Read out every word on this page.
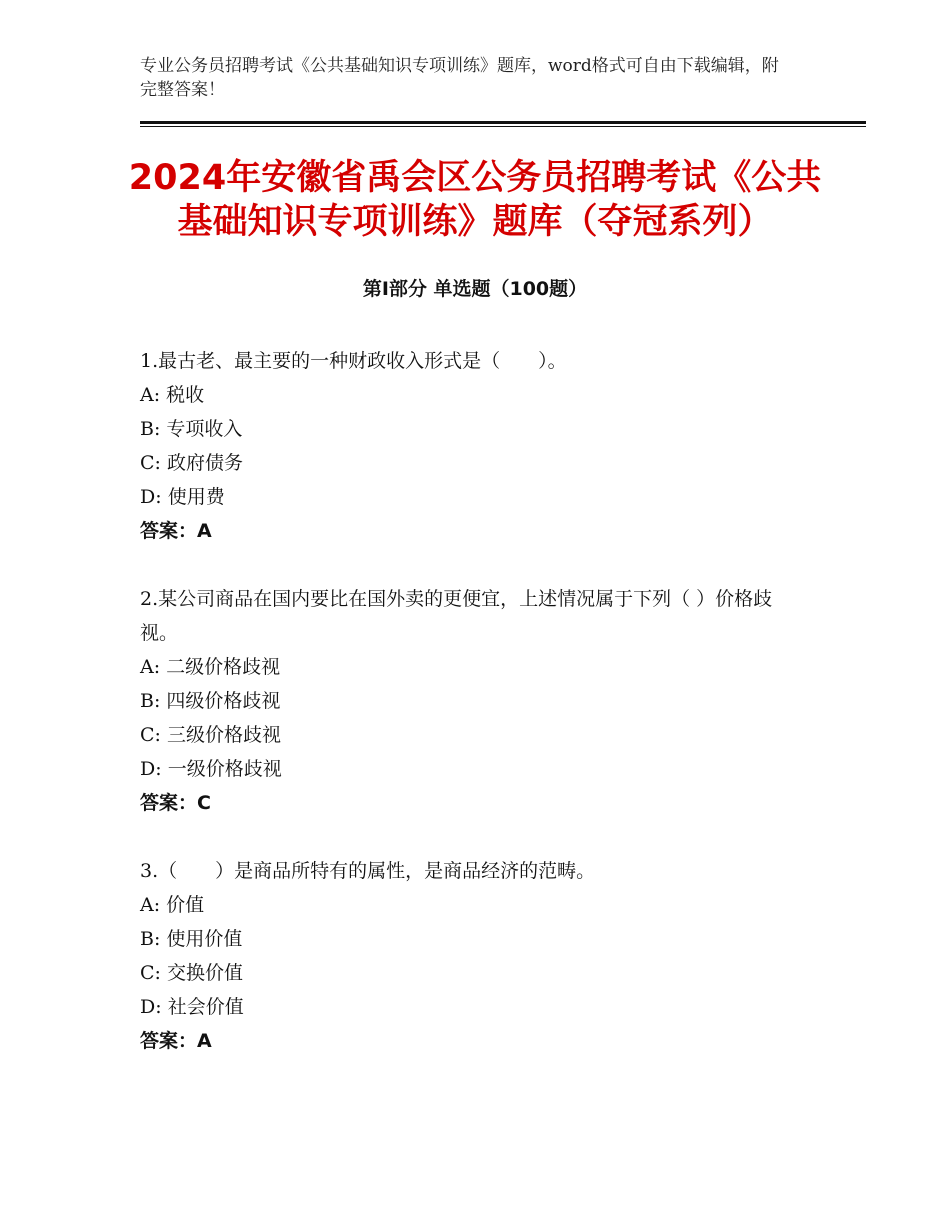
专业公务员招聘考试《公共基础知识专项训练》题库，word格式可自由下载编辑，附完整答案！
2024年安徽省禹会区公务员招聘考试《公共
基础知识专项训练》题库（夺冠系列）
第Ⅰ部分 单选题（100题）
1.最古老、最主要的一种财政收入形式是（　　）。
A: 税收
B: 专项收入
C: 政府债务
D: 使用费
答案：A
2.某公司商品在国内要比在国外卖的更便宜，上述情况属于下列（ ）价格歧视。
A: 二级价格歧视
B: 四级价格歧视
C: 三级价格歧视
D: 一级价格歧视
答案：C
3.（　　）是商品所特有的属性，是商品经济的范畴。
A: 价值
B: 使用价值
C: 交换价值
D: 社会价值
答案：A
